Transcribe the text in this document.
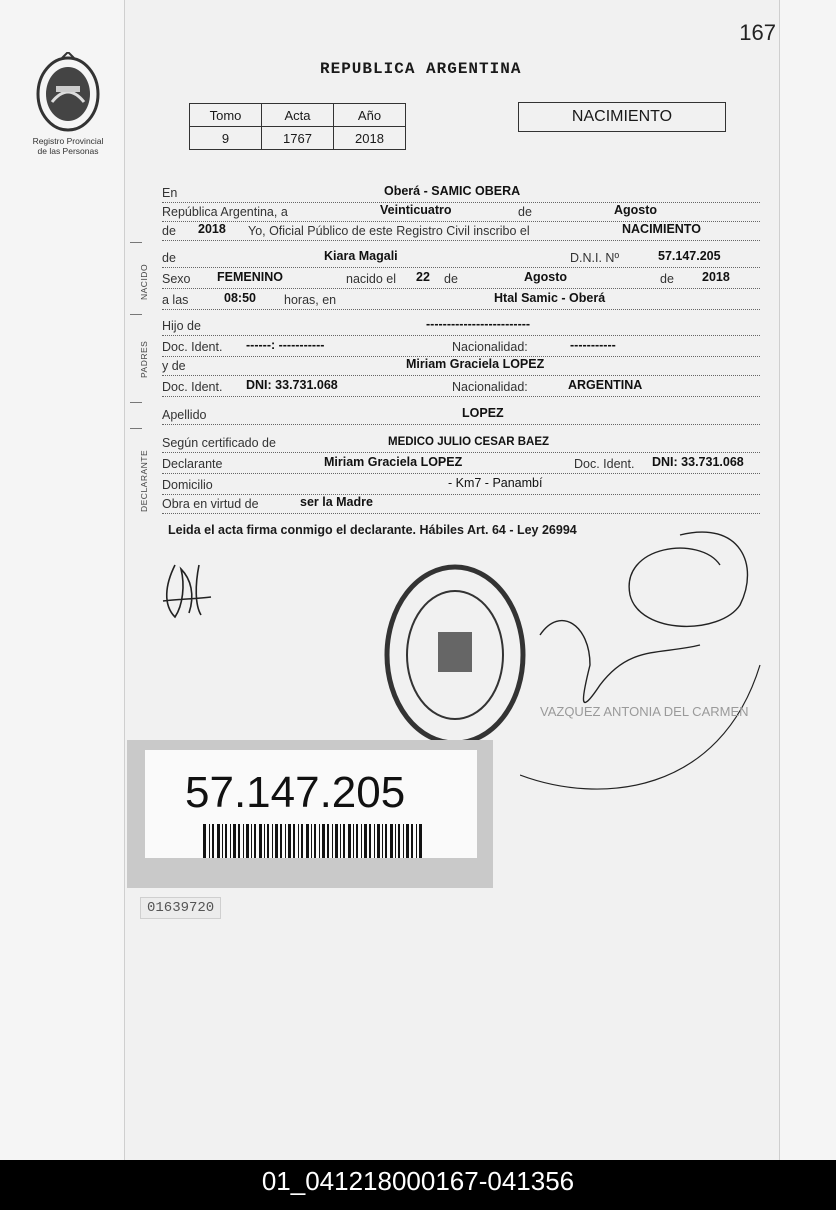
167
Registro Provincial
de las Personas
REPUBLICA ARGENTINA
Tomo	Acta	Año
9	1767	2018
NACIMIENTO
En	Oberá - SAMIC OBERA
República Argentina, a	Veinticuatro	de	Agosto
de 2018 Yo, Oficial Público de este Registro Civil inscribo el	NACIMIENTO
NACIDO
de	Kiara Magali	D.N.I. Nº	57.147.205
Sexo FEMENINO	nacido el 22 de	Agosto	de 2018
a las	08:50 horas, en	Htal Samic - Oberá
PADRES
Hijo de	-------------------------
Doc. Ident. ------: -----------	Nacionalidad:	-----------
y de	Miriam Graciela LOPEZ
Doc. Ident. DNI: 33.731.068	Nacionalidad:	ARGENTINA
Apellido	LOPEZ
DECLARANTE
Según certificado de	MEDICO JULIO CESAR BAEZ
Declarante	Miriam Graciela LOPEZ	Doc. Ident. DNI: 33.731.068
Domicilio	- Km7 - Panambí
Obra en virtud de	ser la Madre
Leida el acta firma conmigo el declarante. Hábiles Art. 64 - Ley 26994
VAZQUEZ ANTONIA DEL CARMEN
57.147.205
01639720
01_041218000167-041356
